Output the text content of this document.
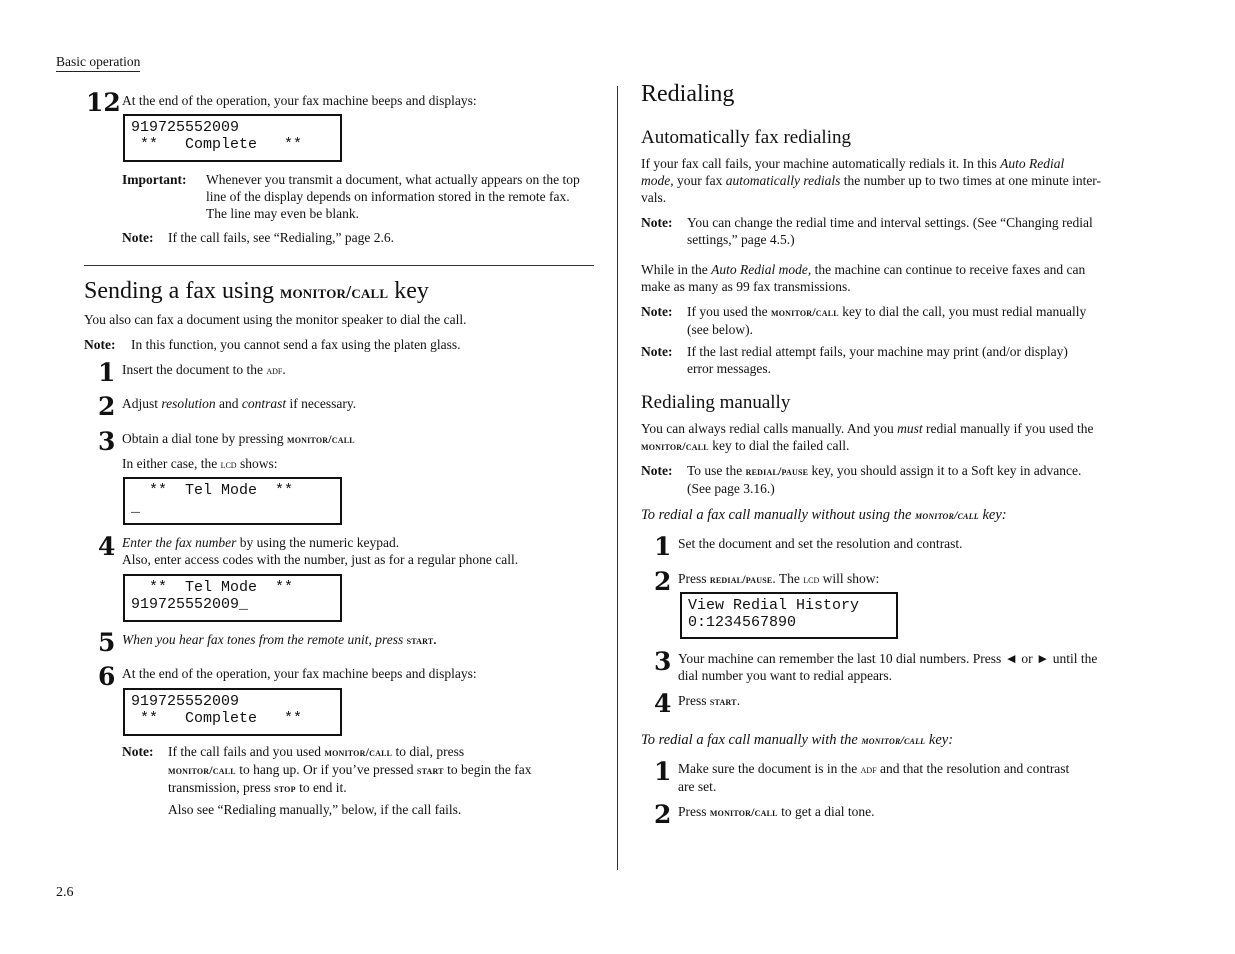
Basic operation
2.6
12 At the end of the operation, your fax machine beeps and displays:
919725552009
**   Complete   **
Important: Whenever you transmit a document, what actually appears on the top line of the display depends on information stored in the remote fax. The line may even be blank.
Note: If the call fails, see “Redialing,” page 2.6.
Sending a fax using monitor/call key
You also can fax a document using the monitor speaker to dial the call.
Note: In this function, you cannot send a fax using the platen glass.
1 Insert the document to the adf.
2 Adjust resolution and contrast if necessary.
3 Obtain a dial tone by pressing monitor/call
In either case, the lcd shows:
**  Tel Mode  **
_
4 Enter the fax number by using the numeric keypad.
Also, enter access codes with the number, just as for a regular phone call.
**  Tel Mode  **
919725552009_
5 When you hear fax tones from the remote unit, press start.
6 At the end of the operation, your fax machine beeps and displays:
919725552009
**   Complete   **
Note: If the call fails and you used monitor/call to dial, press
monitor/call to hang up. Or if you’ve pressed start to begin the fax
transmission, press stop to end it.
Also see “Redialing manually,” below, if the call fails.
Redialing
Automatically fax redialing
If your fax call fails, your machine automatically redials it. In this Auto Redial
mode, your fax automatically redials the number up to two times at one minute inter-
vals.
Note: You can change the redial time and interval settings. (See “Changing redial
settings,” page 4.5.)
While in the Auto Redial mode, the machine can continue to receive faxes and can
make as many as 99 fax transmissions.
Note: If you used the monitor/call key to dial the call, you must redial manually
(see below).
Note: If the last redial attempt fails, your machine may print (and/or display)
error messages.
Redialing manually
You can always redial calls manually. And you must redial manually if you used the
monitor/call key to dial the failed call.
Note: To use the redial/pause key, you should assign it to a Soft key in advance.
(See page 3.16.)
To redial a fax call manually without using the monitor/call key:
1 Set the document and set the resolution and contrast.
2 Press redial/pause. The lcd will show:
View Redial History
0:1234567890
3 Your machine can remember the last 10 dial numbers. Press ◄ or ► until the
dial number you want to redial appears.
4 Press start.
To redial a fax call manually with the monitor/call key:
1 Make sure the document is in the adf and that the resolution and contrast
are set.
2 Press monitor/call to get a dial tone.
